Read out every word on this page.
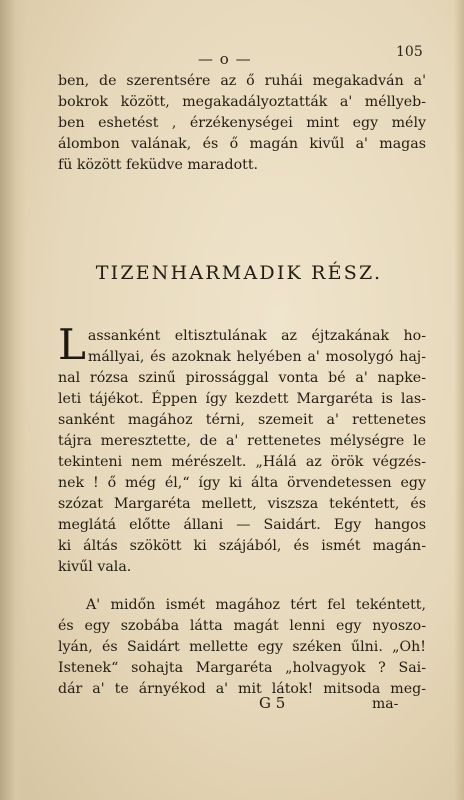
— o —	105
ben, de szerentsére az ő ruhái megakadván a'
bokrok között, megakadályoztatták a' méllyeb-
ben eshetést , érzékenységei mint egy mély
álombon valának, és ő magán kivűl a' magas
fü között feküdve maradott.
TIZENHARMADIK RÉSZ.
L assanként eltisztulának az éjtzakának ho-
mállyai, és azoknak helyében a' mosolygó haj-
nal rózsa szinű pirossággal vonta bé a' napke-
leti tájékot. Éppen így kezdett Margaréta is las-
sanként magához térni, szemeit a' rettenetes
tájra meresztette, de a' rettenetes mélységre le
tekinteni nem mérészelt. „Hálá az örök végzés-
nek ! ő még él,“ így ki álta örvendetessen egy
szózat Margaréta mellett, viszsza tekéntett, és
meglátá előtte állani — Saidárt. Egy hangos
ki áltás szökött ki szájából, és ismét magán-
kivűl vala.
A' midőn ismét magához tért fel tekéntett,
és egy szobába látta magát lenni egy nyoszo-
lyán, és Saidárt mellette egy széken űlni. „Oh!
Istenek“ sohajta Margaréta „holvagyok ? Sai-
dár a' te árnyékod a' mit látok! mitsoda meg-
G 5	ma-
